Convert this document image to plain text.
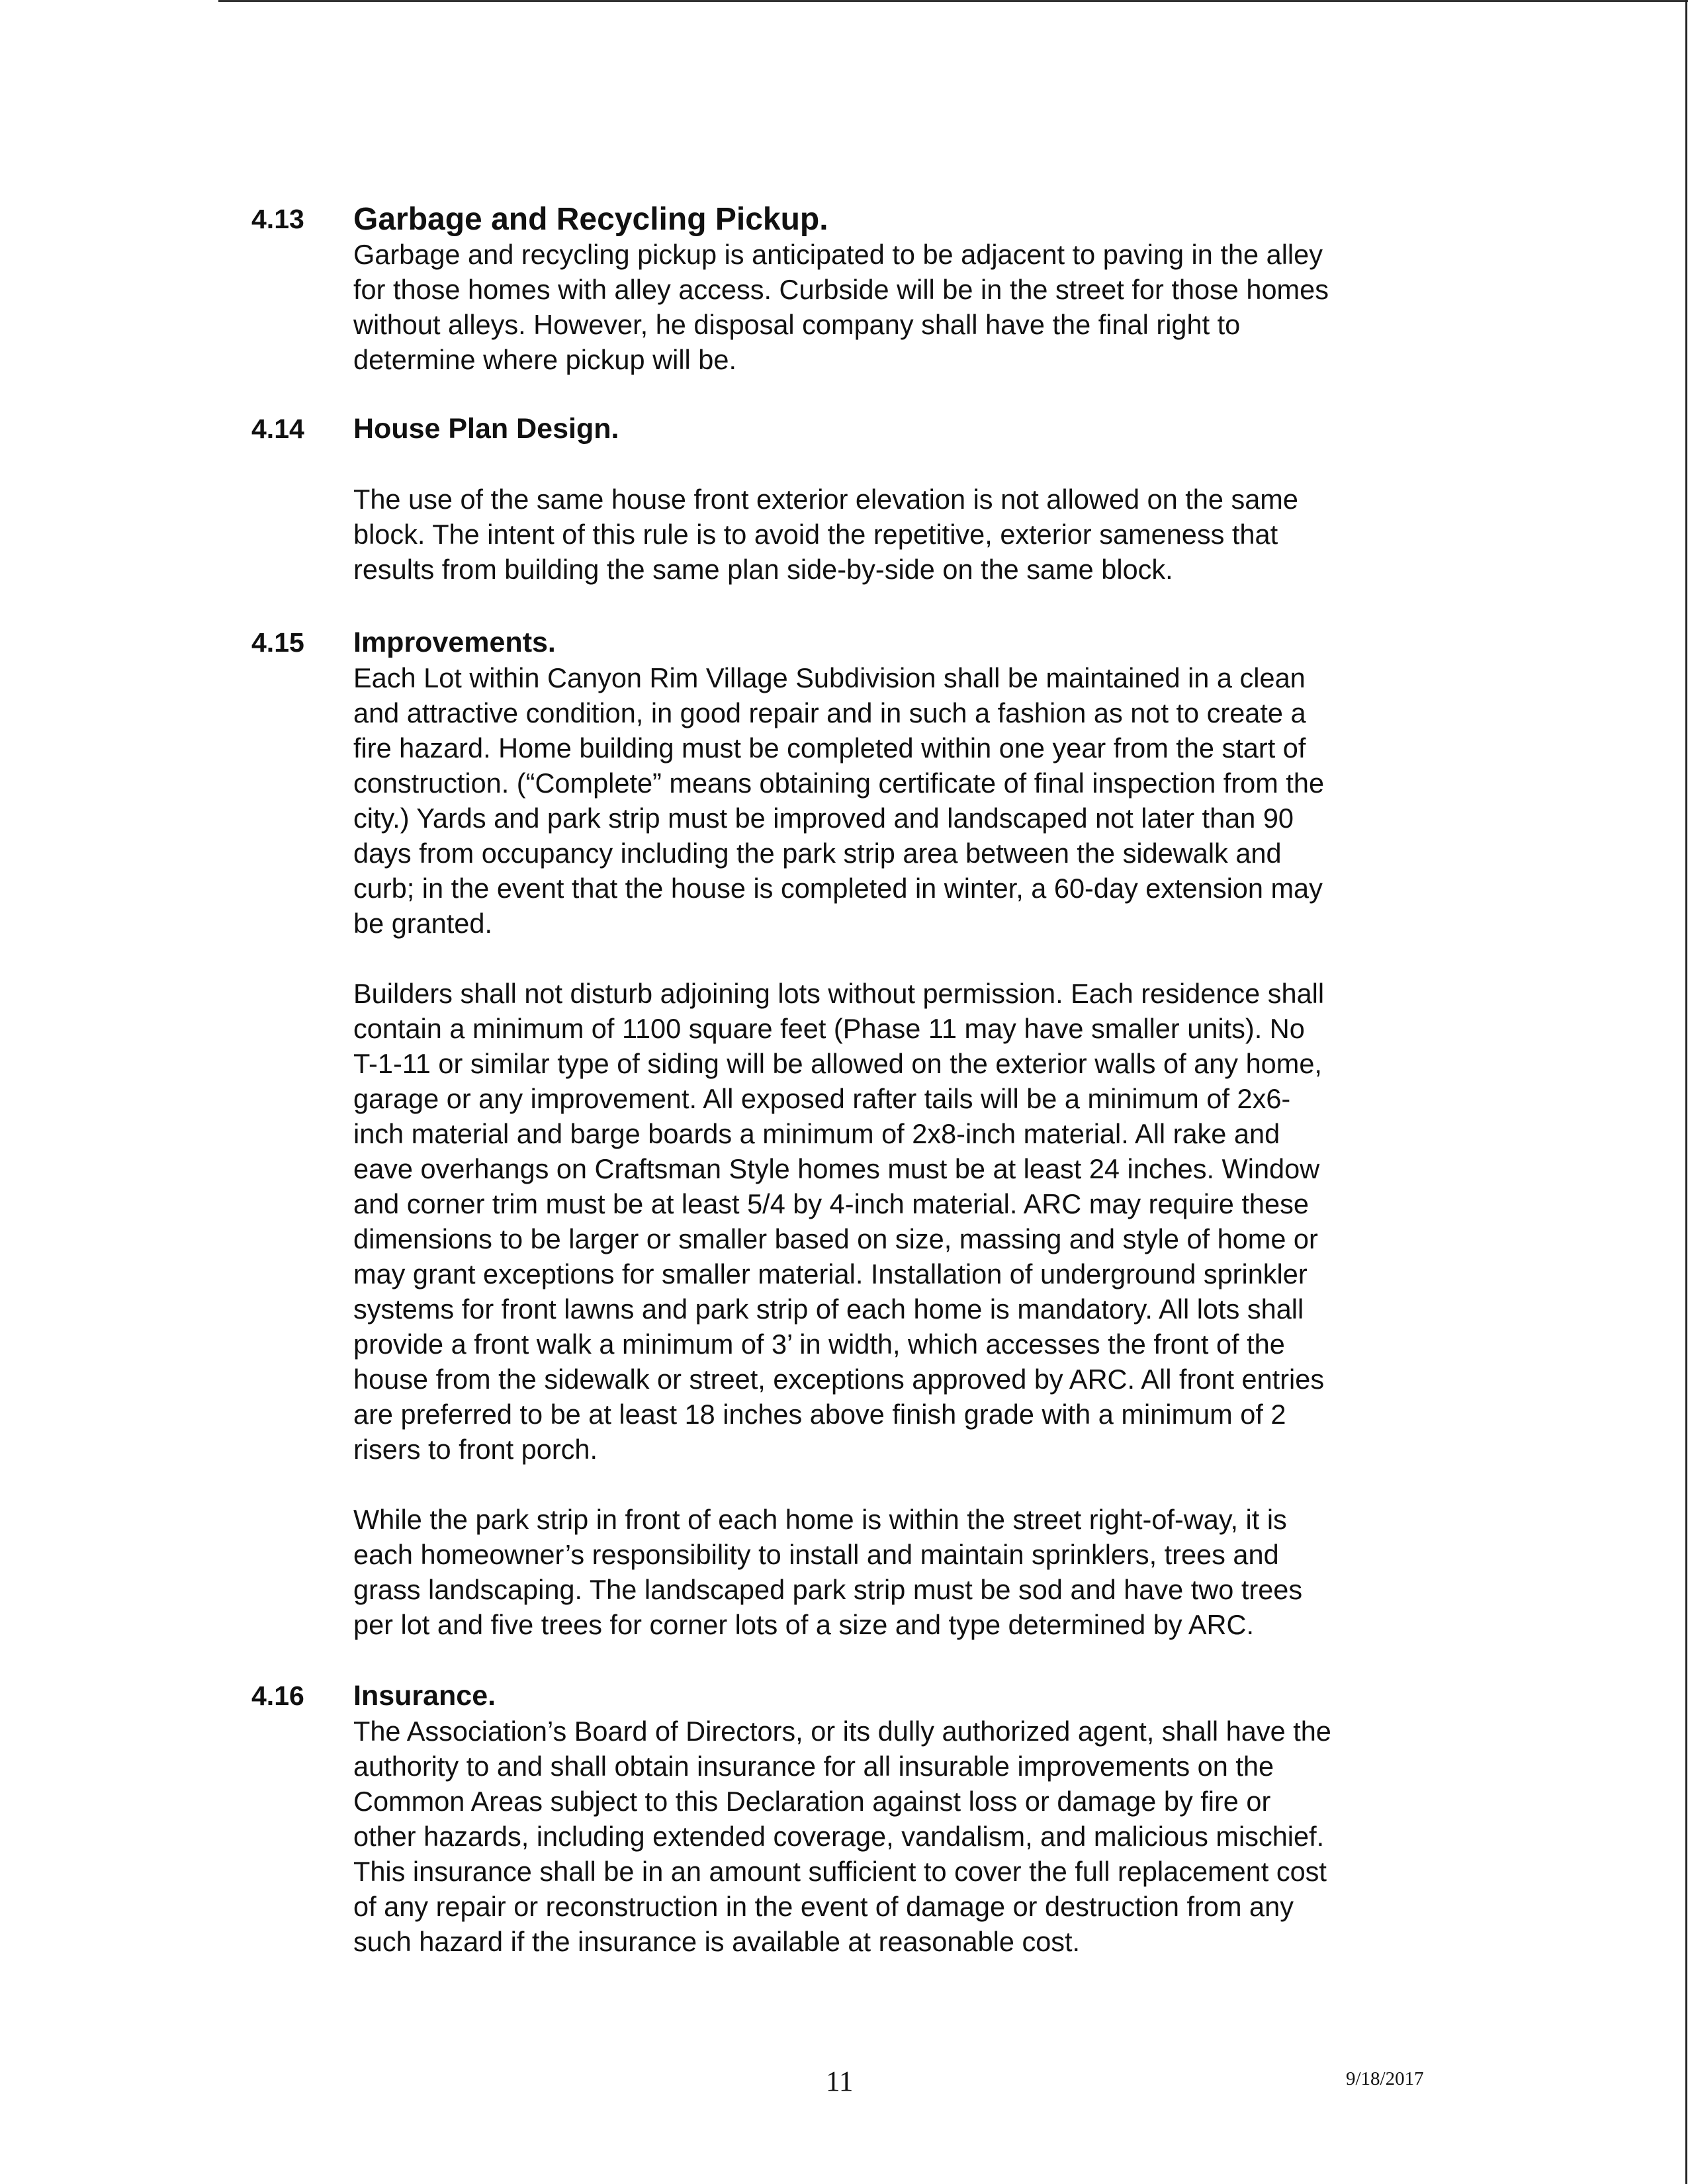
4.13 Garbage and Recycling Pickup.

Garbage and recycling pickup is anticipated to be adjacent to paving in the alley
for those homes with alley access. Curbside will be in the street for those homes
without alleys. However, he disposal company shall have the final right to
determine where pickup will be.

4.14 House Plan Design.

The use of the same house front exterior elevation is not allowed on the same
block. The intent of this rule is to avoid the repetitive, exterior sameness that
results from building the same plan side-by-side on the same block.

4.15 Improvements.

Each Lot within Canyon Rim Village Subdivision shall be maintained in a clean
and attractive condition, in good repair and in such a fashion as not to create a
fire hazard. Home building must be completed within one year from the start of
construction. (“Complete” means obtaining certificate of final inspection from the
city.) Yards and park strip must be improved and landscaped not later than 90
days from occupancy including the park strip area between the sidewalk and
curb; in the event that the house is completed in winter, a 60-day extension may
be granted.

Builders shall not disturb adjoining lots without permission. Each residence shall
contain a minimum of 1100 square feet (Phase 11 may have smaller units). No
T-1-11 or similar type of siding will be allowed on the exterior walls of any home,
garage or any improvement. All exposed rafter tails will be a minimum of 2x6-
inch material and barge boards a minimum of 2x8-inch material. All rake and
eave overhangs on Craftsman Style homes must be at least 24 inches. Window
and corner trim must be at least 5/4 by 4-inch material. ARC may require these
dimensions to be larger or smaller based on size, massing and style of home or
may grant exceptions for smaller material. Installation of underground sprinkler
systems for front lawns and park strip of each home is mandatory. All lots shall
provide a front walk a minimum of 3’ in width, which accesses the front of the
house from the sidewalk or street, exceptions approved by ARC. All front entries
are preferred to be at least 18 inches above finish grade with a minimum of 2
risers to front porch.

While the park strip in front of each home is within the street right-of-way, it is
each homeowner’s responsibility to install and maintain sprinklers, trees and
grass landscaping. The landscaped park strip must be sod and have two trees
per lot and five trees for corner lots of a size and type determined by ARC.

4.16 Insurance.

The Association’s Board of Directors, or its dully authorized agent, shall have the
authority to and shall obtain insurance for all insurable improvements on the
Common Areas subject to this Declaration against loss or damage by fire or
other hazards, including extended coverage, vandalism, and malicious mischief.
This insurance shall be in an amount sufficient to cover the full replacement cost
of any repair or reconstruction in the event of damage or destruction from any
such hazard if the insurance is available at reasonable cost.

11	9/18/2017
